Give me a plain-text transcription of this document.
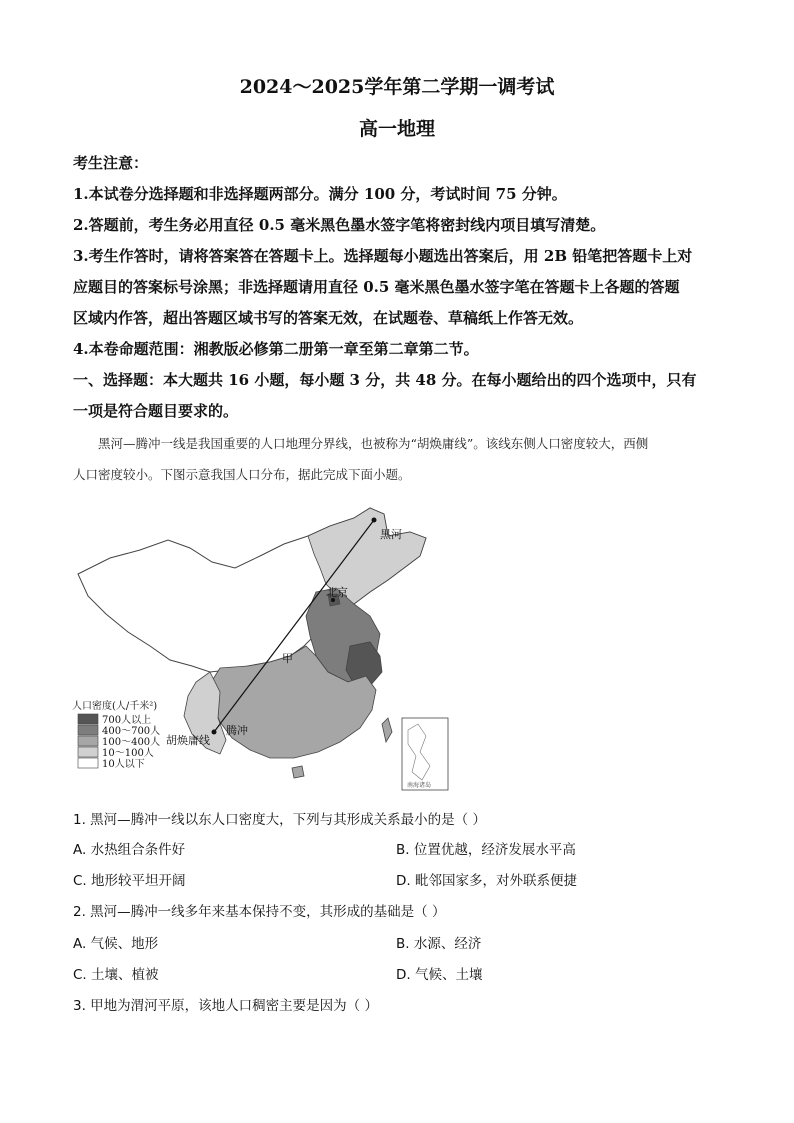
2024～2025学年第二学期一调考试
高一地理
考生注意：
1.本试卷分选择题和非选择题两部分。满分 100 分，考试时间 75 分钟。
2.答题前，考生务必用直径 0.5 毫米黑色墨水签字笔将密封线内项目填写清楚。
3.考生作答时，请将答案答在答题卡上。选择题每小题选出答案后，用 2B 铅笔把答题卡上对
应题目的答案标号涂黑；非选择题请用直径 0.5 毫米黑色墨水签字笔在答题卡上各题的答题
区域内作答，超出答题区域书写的答案无效，在试题卷、草稿纸上作答无效。
4.本卷命题范围：湘教版必修第二册第一章至第二章第二节。
一、选择题：本大题共 16 小题，每小题 3 分，共 48 分。在每小题给出的四个选项中，只有
一项是符合题目要求的。
黑河—腾冲一线是我国重要的人口地理分界线，也被称为“胡焕庸线”。该线东侧人口密度较大，西侧
人口密度较小。下图示意我国人口分布，据此完成下面小题。
黑河
北京
甲
腾冲
胡焕庸线
人口密度(人/千米²)
700人以上
400～700人
100～400人
10～100人
10人以下
南海诸岛
1. 黑河—腾冲一线以东人口密度大，下列与其形成关系最小的是（ ）
A. 水热组合条件好	B. 位置优越，经济发展水平高
C. 地形较平坦开阔	D. 毗邻国家多，对外联系便捷
2. 黑河—腾冲一线多年来基本保持不变，其形成的基础是（ ）
A. 气候、地形	B. 水源、经济
C. 土壤、植被	D. 气候、土壤
3. 甲地为渭河平原，该地人口稠密主要是因为（ ）
